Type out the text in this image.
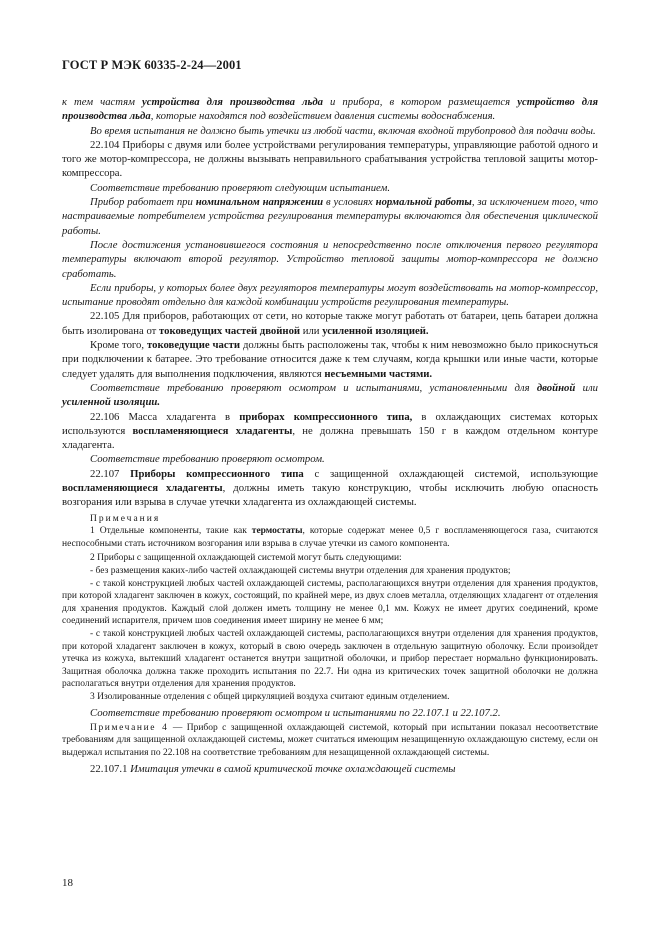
ГОСТ Р МЭК 60335-2-24—2001

к тем частям устройства для производства льда и прибора, в котором размещается устройство для производства льда, которые находятся под воздействием давления системы водоснабжения.

Во время испытания не должно быть утечки из любой части, включая входной трубопровод для подачи воды.

22.104 Приборы с двумя или более устройствами регулирования температуры, управляющие работой одного и того же мотор-компрессора, не должны вызывать неправильного срабатывания устройства тепловой защиты мотор-компрессора.

Соответствие требованию проверяют следующим испытанием.

Прибор работает при номинальном напряжении в условиях нормальной работы, за исключением того, что настраиваемые потребителем устройства регулирования температуры включаются для обеспечения циклической работы.

После достижения установившегося состояния и непосредственно после отключения первого регулятора температуры включают второй регулятор. Устройство тепловой защиты мотор-компрессора не должно сработать.

Если приборы, у которых более двух регуляторов температуры могут воздействовать на мотор-компрессор, испытание проводят отдельно для каждой комбинации устройств регулирования температуры.

22.105 Для приборов, работающих от сети, но которые также могут работать от батареи, цепь батареи должна быть изолирована от токоведущих частей двойной или усиленной изоляцией.

Кроме того, токоведущие части должны быть расположены так, чтобы к ним невозможно было прикоснуться при подключении к батарее. Это требование относится даже к тем случаям, когда крышки или иные части, которые следует удалять для выполнения подключения, являются несъемными частями.

Соответствие требованию проверяют осмотром и испытаниями, установленными для двойной или усиленной изоляции.

22.106 Масса хладагента в приборах компрессионного типа, в охлаждающих системах которых используются воспламеняющиеся хладагенты, не должна превышать 150 г в каждом отдельном контуре хладагента.

Соответствие требованию проверяют осмотром.

22.107 Приборы компрессионного типа с защищенной охлаждающей системой, использующие воспламеняющиеся хладагенты, должны иметь такую конструкцию, чтобы исключить любую опасность возгорания или взрыва в случае утечки хладагента из охлаждающей системы.

Примечания

1 Отдельные компоненты, такие как термостаты, которые содержат менее 0,5 г воспламеняющегося газа, считаются неспособными стать источником возгорания или взрыва в случае утечки из самого компонента.

2 Приборы с защищенной охлаждающей системой могут быть следующими:

- без размещения каких-либо частей охлаждающей системы внутри отделения для хранения продуктов;

- с такой конструкцией любых частей охлаждающей системы, располагающихся внутри отделения для хранения продуктов, при которой хладагент заключен в кожух, состоящий, по крайней мере, из двух слоев металла, отделяющих хладагент от отделения для хранения продуктов. Каждый слой должен иметь толщину не менее 0,1 мм. Кожух не имеет других соединений, кроме соединений испарителя, причем шов соединения имеет ширину не менее 6 мм;

- с такой конструкцией любых частей охлаждающей системы, располагающихся внутри отделения для хранения продуктов, при которой хладагент заключен в кожух, который в свою очередь заключен в отдельную защитную оболочку. Если произойдет утечка из кожуха, вытекший хладагент останется внутри защитной оболочки, и прибор перестает нормально функционировать. Защитная оболочка должна также проходить испытания по 22.7. Ни одна из критических точек защитной оболочки не должна располагаться внутри отделения для хранения продуктов.

3 Изолированные отделения с общей циркуляцией воздуха считают единым отделением.

Соответствие требованию проверяют осмотром и испытаниями по 22.107.1 и 22.107.2.

Примечание 4 — Прибор с защищенной охлаждающей системой, который при испытании показал несоответствие требованиям для защищенной охлаждающей системы, может считаться имеющим незащищенную охлаждающую систему, если он выдержал испытания по 22.108 на соответствие требованиям для незащищенной охлаждающей системы.

22.107.1 Имитация утечки в самой критической точке охлаждающей системы

18
